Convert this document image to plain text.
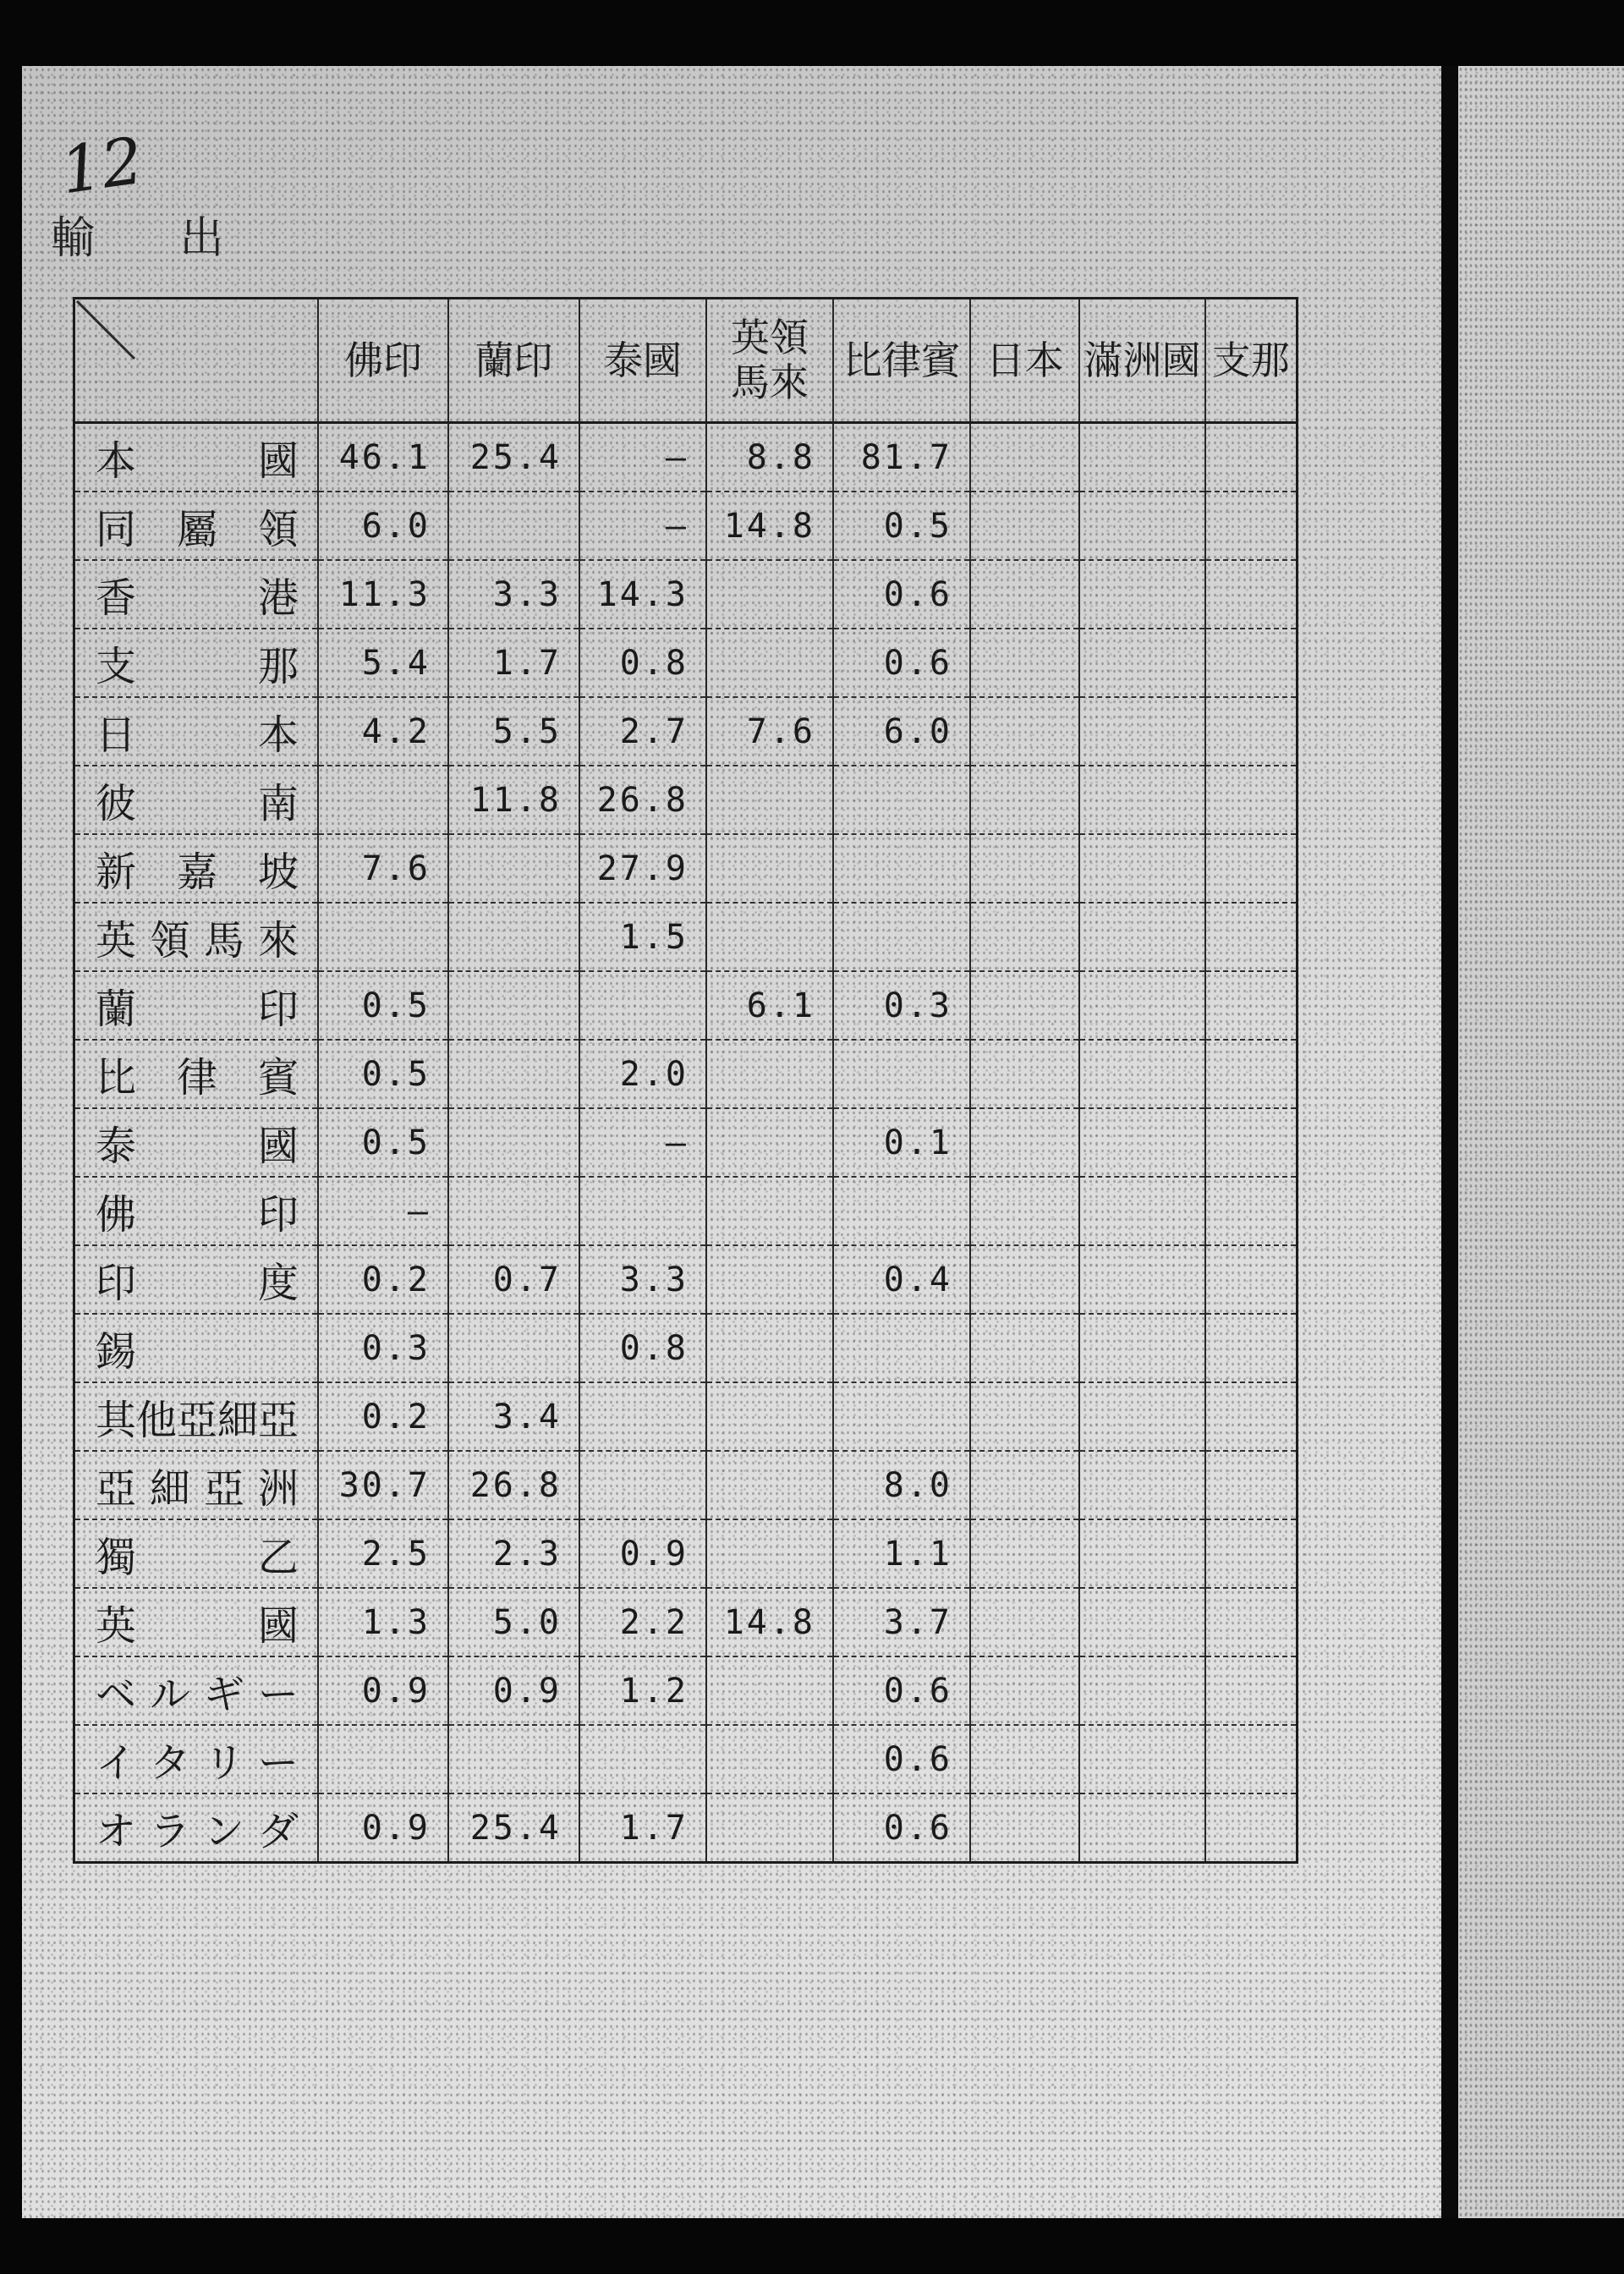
12
輸 出
	佛印	蘭印	泰國	英領馬來	比律賓	日本	滿洲國	支那
本 國	46.1	25.4	—	8.8	81.7			
同 屬 領	6.0		—	14.8	0.5			
香 港	11.3	3.3	14.3		0.6			
支 那	5.4	1.7	0.8		0.6			
日 本	4.2	5.5	2.7	7.6	6.0			
彼 南		11.8	26.8					
新 嘉 坡	7.6		27.9					
英領馬來			1.5					
蘭 印	0.5			6.1	0.3			
比 律 賓	0.5		2.0					
泰 國	0.5		—		0.1			
佛 印	—							
印 度	0.2	0.7	3.3		0.4			
錫	0.3		0.8					
其他亞細亞	0.2	3.4						
亞細亞洲	30.7	26.8			8.0			
獨 乙	2.5	2.3	0.9		1.1			
英 國	1.3	5.0	2.2	14.8	3.7			
ベ ル ギ ー	0.9	0.9	1.2		0.6			
イ タ リ ー					0.6			
オ ラ ン ダ	0.9	25.4	1.7		0.6			
